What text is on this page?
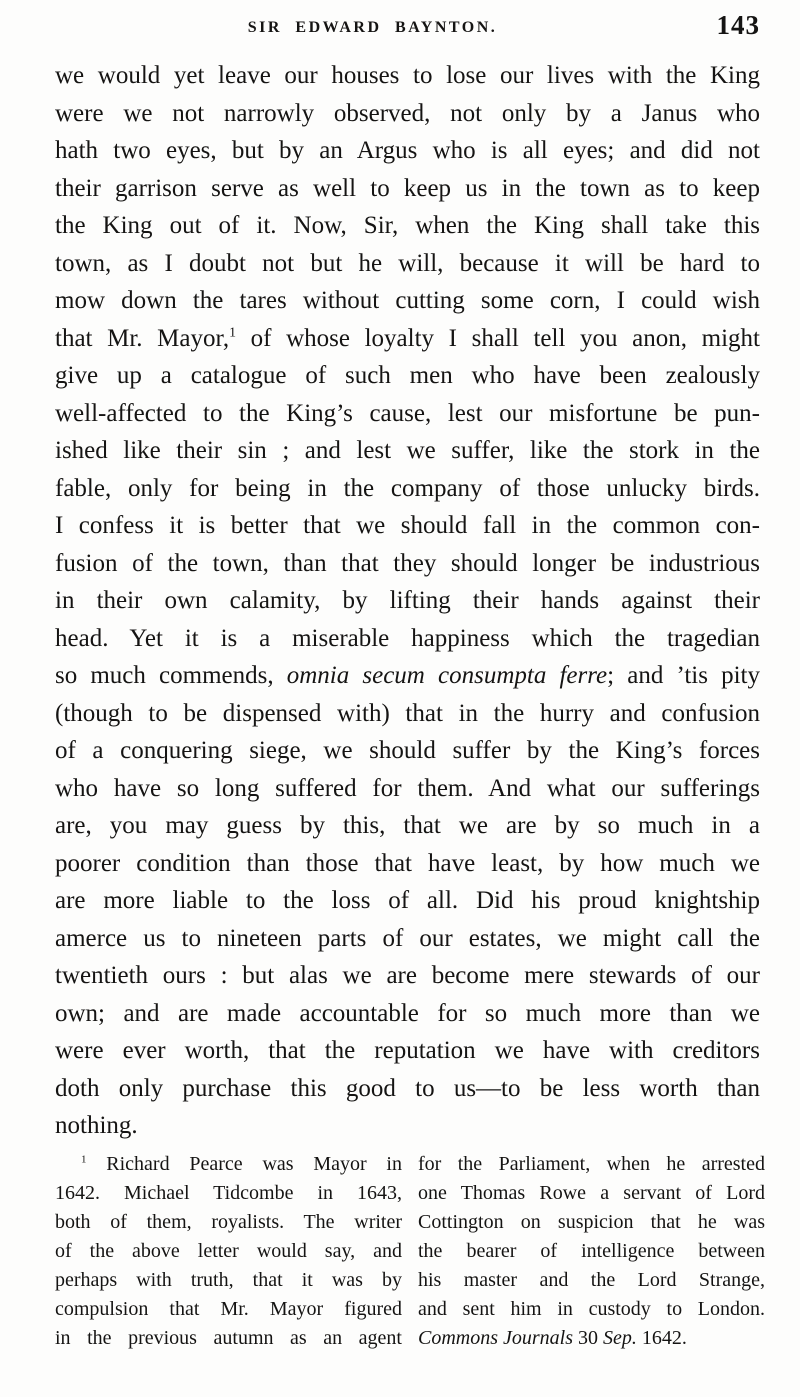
SIR EDWARD BAYNTON.	143
we would yet leave our houses to lose our lives with the King
were we not narrowly observed, not only by a Janus who
hath two eyes, but by an Argus who is all eyes; and did not
their garrison serve as well to keep us in the town as to keep
the King out of it. Now, Sir, when the King shall take this
town, as I doubt not but he will, because it will be hard to
mow down the tares without cutting some corn, I could wish
that Mr. Mayor,$^1$ of whose loyalty I shall tell you anon, might
give up a catalogue of such men who have been zealously
well-affected to the King’s cause, lest our misfortune be pun-
ished like their sin ; and lest we suffer, like the stork in the
fable, only for being in the company of those unlucky birds.
I confess it is better that we should fall in the common con-
fusion of the town, than that they should longer be industrious
in their own calamity, by lifting their hands against their
head. Yet it is a miserable happiness which the tragedian
so much commends, omnia secum consumpta ferre; and ’tis pity
(though to be dispensed with) that in the hurry and confusion
of a conquering siege, we should suffer by the King’s forces
who have so long suffered for them. And what our sufferings
are, you may guess by this, that we are by so much in a
poorer condition than those that have least, by how much we
are more liable to the loss of all. Did his proud knightship
amerce us to nineteen parts of our estates, we might call the
twentieth ours : but alas we are become mere stewards of our
own; and are made accountable for so much more than we
were ever worth, that the reputation we have with creditors
doth only purchase this good to us—to be less worth than
nothing.
$^1$ Richard Pearce was Mayor in
1642. Michael Tidcombe in 1643,
both of them, royalists. The writer
of the above letter would say, and
perhaps with truth, that it was by
compulsion that Mr. Mayor figured
in the previous autumn as an agent
for the Parliament, when he arrested
one Thomas Rowe a servant of Lord
Cottington on suspicion that he was
the bearer of intelligence between
his master and the Lord Strange,
and sent him in custody to London.
Commons Journals 30 Sep. 1642.
